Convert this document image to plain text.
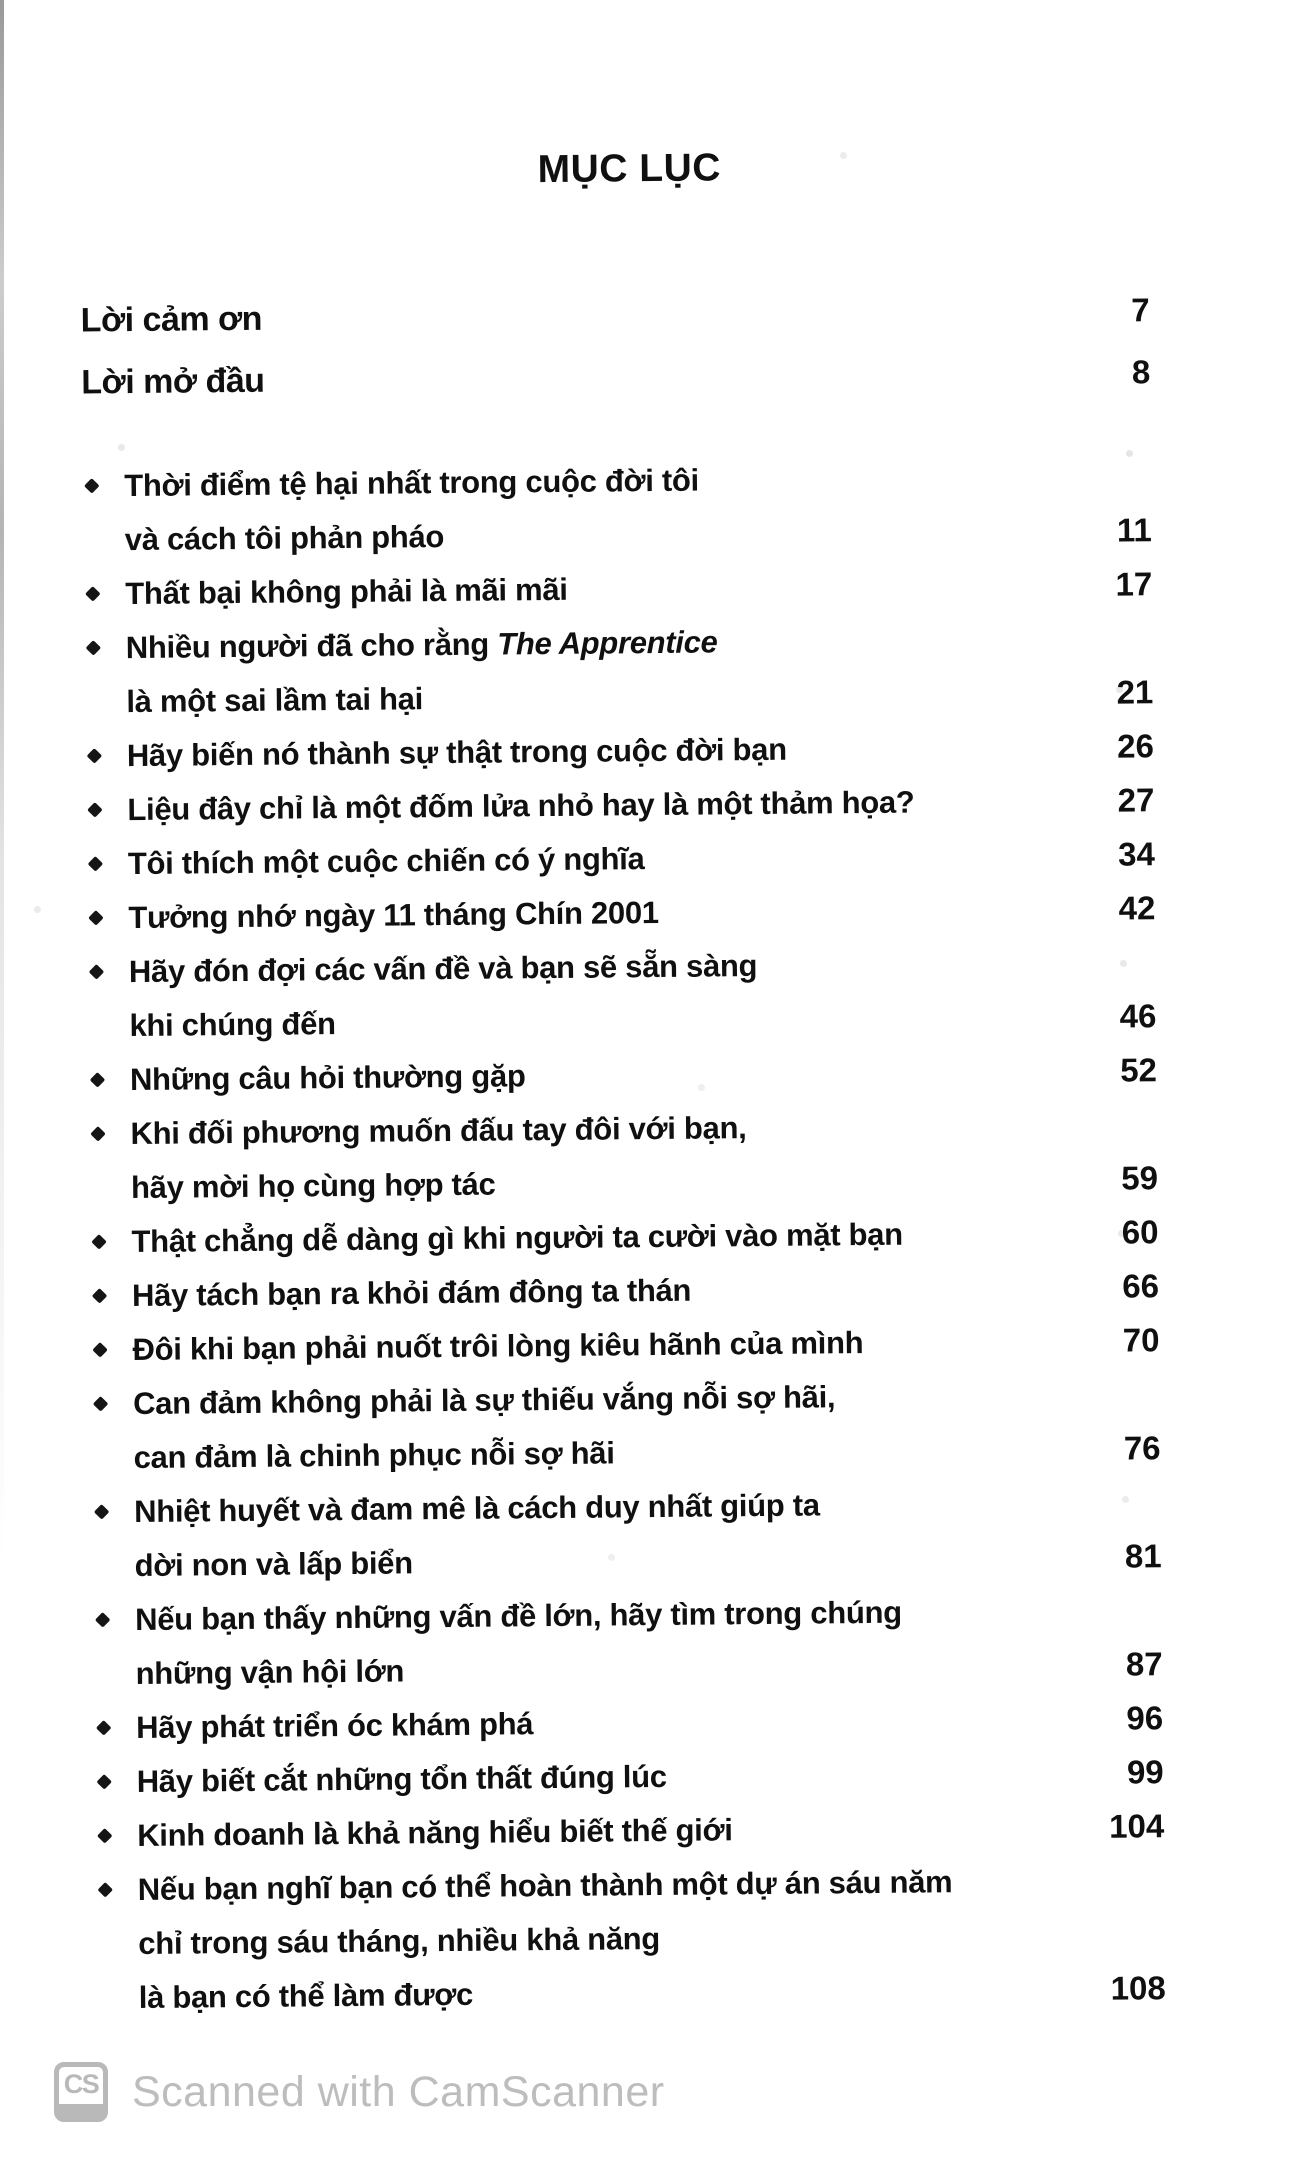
MỤC LỤC
Lời cảm ơn	7
Lời mở đầu	8
Thời điểm tệ hại nhất trong cuộc đời tôi
và cách tôi phản pháo	11
Thất bại không phải là mãi mãi	17
Nhiều người đã cho rằng The Apprentice
là một sai lầm tai hại	21
Hãy biến nó thành sự thật trong cuộc đời bạn	26
Liệu đây chỉ là một đốm lửa nhỏ hay là một thảm họa?	27
Tôi thích một cuộc chiến có ý nghĩa	34
Tưởng nhớ ngày 11 tháng Chín 2001	42
Hãy đón đợi các vấn đề và bạn sẽ sẵn sàng
khi chúng đến	46
Những câu hỏi thường gặp	52
Khi đối phương muốn đấu tay đôi với bạn,
hãy mời họ cùng hợp tác	59
Thật chẳng dễ dàng gì khi người ta cười vào mặt bạn	60
Hãy tách bạn ra khỏi đám đông ta thán	66
Đôi khi bạn phải nuốt trôi lòng kiêu hãnh của mình	70
Can đảm không phải là sự thiếu vắng nỗi sợ hãi,
can đảm là chinh phục nỗi sợ hãi	76
Nhiệt huyết và đam mê là cách duy nhất giúp ta
dời non và lấp biển	81
Nếu bạn thấy những vấn đề lớn, hãy tìm trong chúng
những vận hội lớn	87
Hãy phát triển óc khám phá	96
Hãy biết cắt những tổn thất đúng lúc	99
Kinh doanh là khả năng hiểu biết thế giới	104
Nếu bạn nghĩ bạn có thể hoàn thành một dự án sáu năm
chỉ trong sáu tháng, nhiều khả năng
là bạn có thể làm được	108
CS Scanned with CamScanner
